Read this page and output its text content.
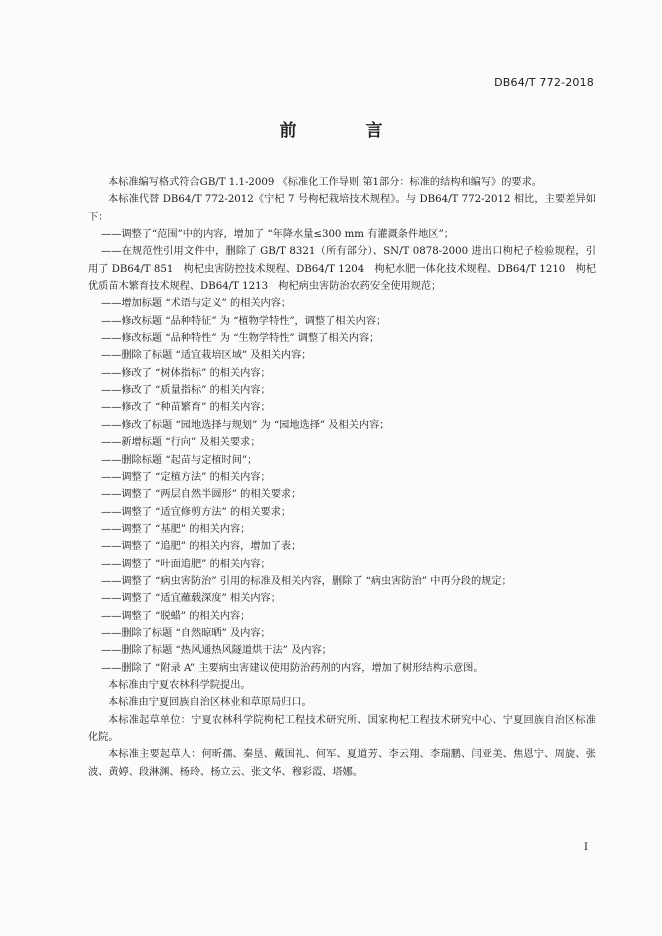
DB64/T 772-2018
前　言

本标准编写格式符合GB/T 1.1-2009 《标准化工作导则 第1部分：标准的结构和编写》的要求。

本标准代替 DB64/T 772-2012《宁杞 7 号枸杞栽培技术规程》。与 DB64/T 772-2012 相比，主要差异如下：

——调整了“范围”中的内容，增加了 “年降水量≤300 mm 有灌溉条件地区”；

——在规范性引用文件中，删除了 GB/T 8321（所有部分）、SN/T 0878-2000 进出口枸杞子检验规程，引用了 DB64/T 851　枸杞虫害防控技术规程、DB64/T 1204　枸杞水肥一体化技术规程、DB64/T 1210　枸杞优质苗木繁育技术规程、DB64/T 1213　枸杞病虫害防治农药安全使用规范；

——增加标题 “术语与定义” 的相关内容；

——修改标题 “品种特征” 为 “植物学特性”，调整了相关内容；

——修改标题 “品种特性” 为 “生物学特性” 调整了相关内容；

——删除了标题 “适宜栽培区域” 及相关内容；

——修改了 “树体指标” 的相关内容；

——修改了 “质量指标” 的相关内容；

——修改了 “种苗繁育” 的相关内容；

——修改了标题 “园地选择与规划” 为 “园地选择” 及相关内容；

——新增标题 “行向” 及相关要求；

——删除标题 “起苗与定植时间”；

——调整了 “定植方法” 的相关内容；

——调整了 “两层自然半圆形” 的相关要求；

——调整了 “适宜修剪方法” 的相关要求；

——调整了 “基肥” 的相关内容；

——调整了 “追肥” 的相关内容，增加了表；

——调整了 “叶面追肥” 的相关内容；

——调整了 “病虫害防治” 引用的标准及相关内容，删除了 “病虫害防治” 中再分段的规定；

——调整了 “适宜蘸载深度” 相关内容；

——调整了 “脱蜡” 的相关内容；

——删除了标题 “自然晾晒” 及内容；

——删除了标题 “热风通热风隧道烘干法” 及内容；

——删除了 “附录 A” 主要病虫害建议使用防治药剂的内容，增加了树形结构示意图。

本标准由宁夏农林科学院提出。

本标准由宁夏回族自治区林业和草原局归口。

本标准起草单位：宁夏农林科学院枸杞工程技术研究所、国家枸杞工程技术研究中心、宁夏回族自治区标准化院。

本标准主要起草人：何昕孺、秦垦、戴国礼、何军、夏道芳、李云翔、李瑞鹏、闫亚美、焦恩宁、周旋、张波、黄婷、段淋渊、杨玲、杨立云、张文华、穆彩霞、塔娜。

I
